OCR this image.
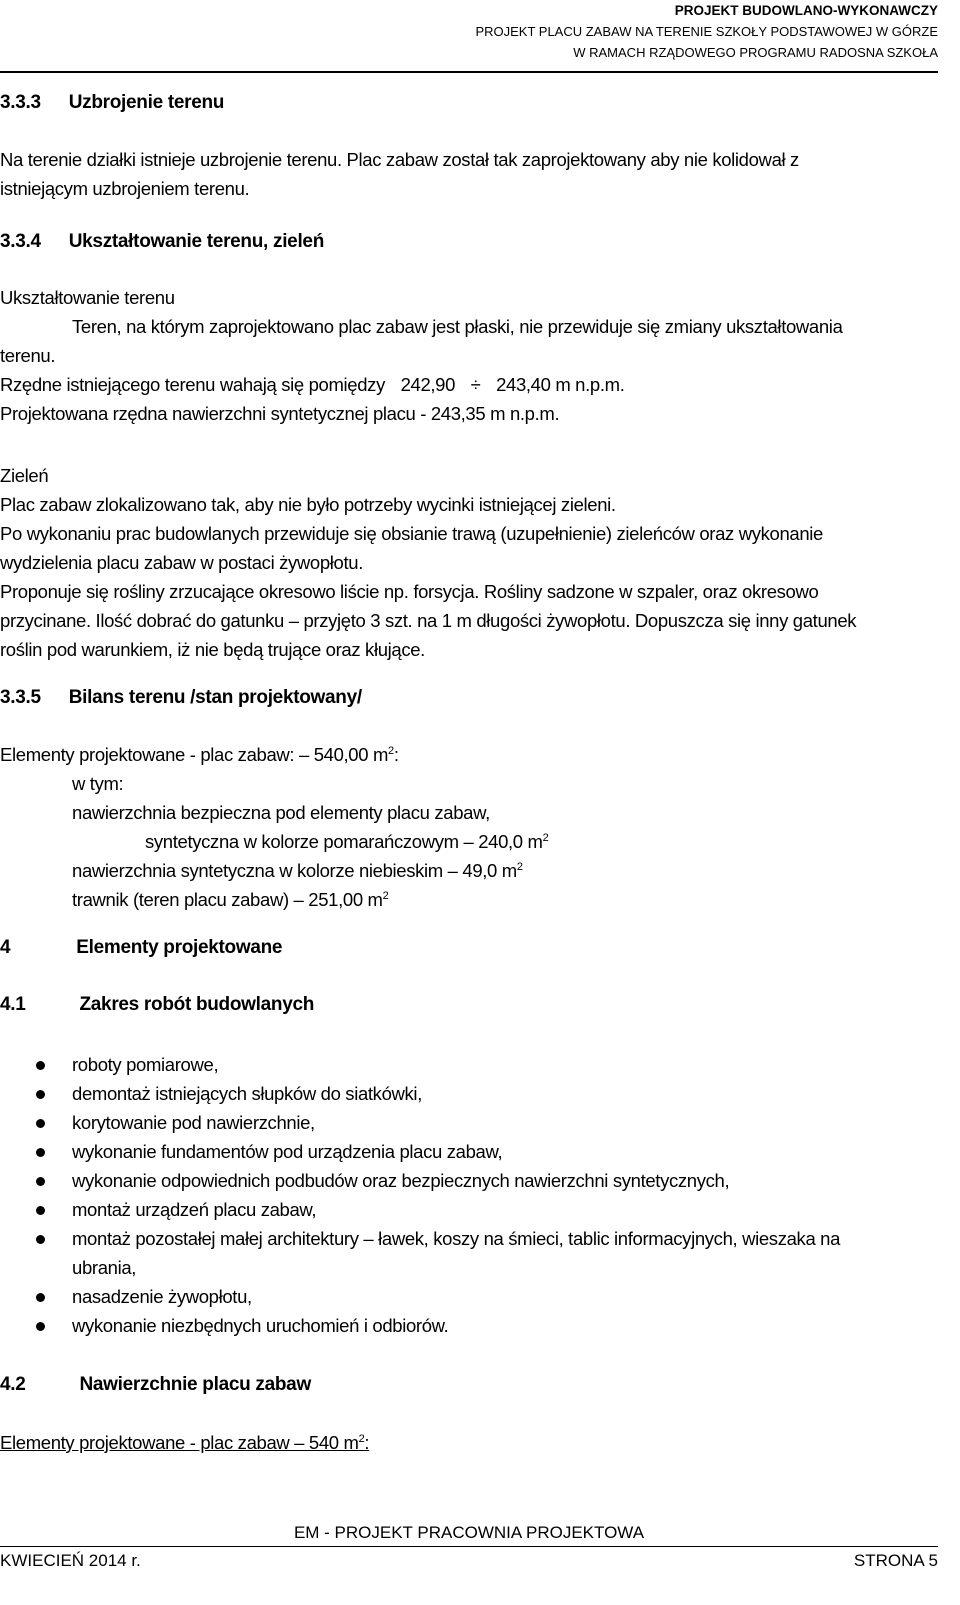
PROJEKT BUDOWLANO-WYKONAWCZY
PROJEKT PLACU ZABAW NA TERENIE SZKOŁY PODSTAWOWEJ W GÓRZE
W RAMACH RZĄDOWEGO PROGRAMU RADOSNA SZKOŁA
3.3.3 Uzbrojenie terenu
Na terenie działki istnieje uzbrojenie terenu. Plac zabaw został tak zaprojektowany aby nie kolidował z
istniejącym uzbrojeniem terenu.
3.3.4 Ukształtowanie terenu, zieleń
Ukształtowanie terenu
Teren, na którym zaprojektowano plac zabaw jest płaski, nie przewiduje się zmiany ukształtowania
terenu.
Rzędne istniejącego terenu wahają się pomiędzy 242,90 ÷ 243,40 m n.p.m.
Projektowana rzędna nawierzchni syntetycznej placu - 243,35 m n.p.m.
Zieleń
Plac zabaw zlokalizowano tak, aby nie było potrzeby wycinki istniejącej zieleni.
Po wykonaniu prac budowlanych przewiduje się obsianie trawą (uzupełnienie) zieleńców oraz wykonanie
wydzielenia placu zabaw w postaci żywopłotu.
Proponuje się rośliny zrzucające okresowo liście np. forsycja. Rośliny sadzone w szpaler, oraz okresowo
przycinane. Ilość dobrać do gatunku – przyjęto 3 szt. na 1 m długości żywopłotu. Dopuszcza się inny gatunek
roślin pod warunkiem, iż nie będą trujące oraz kłujące.
3.3.5 Bilans terenu /stan projektowany/
Elementy projektowane - plac zabaw: – 540,00 $m^2$:
w tym:
nawierzchnia bezpieczna pod elementy placu zabaw,
syntetyczna w kolorze pomarańczowym – 240,0 $m^2$
nawierzchnia syntetyczna w kolorze niebieskim – 49,0 $m^2$
trawnik (teren placu zabaw) – 251,00 $m^2$
4	Elementy projektowane
4.1	Zakres robót budowlanych
roboty pomiarowe,
demontaż istniejących słupków do siatkówki,
korytowanie pod nawierzchnie,
wykonanie fundamentów pod urządzenia placu zabaw,
wykonanie odpowiednich podbudów oraz bezpiecznych nawierzchni syntetycznych,
montaż urządzeń placu zabaw,
montaż pozostałej małej architektury – ławek, koszy na śmieci, tablic informacyjnych, wieszaka na
ubrania,
nasadzenie żywopłotu,
wykonanie niezbędnych uruchomień i odbiorów.
4.2	Nawierzchnie placu zabaw
Elementy projektowane - plac zabaw – 540 $m^2$:
EM - PROJEKT PRACOWNIA PROJEKTOWA
KWIECIEŃ 2014 r.	STRONA 5
